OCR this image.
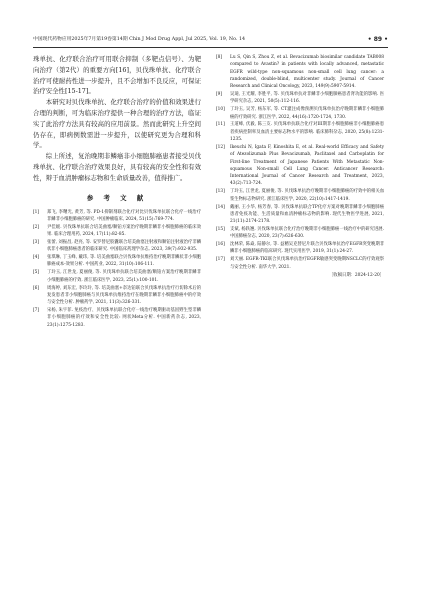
中国现代药物应用2025年7月第19卷第14期 Chin J Mod Drug Appl, Jul 2025, Vol. 19, No. 14	• 89 •

珠单抗、化疗联合治疗可用联合抑制（多靶点信号）、为靶向治疗（第2代）的重要方向[16]，贝伐珠单抗、化疗联合治疗可使耐药性进一步提升，且不会增加不良反应，可保证治疗安全性[15-17]。

本研究对贝伐珠单抗、化疗联合治疗的价值和效果进行合理的判断，可为临床治疗提供一种合理的治疗方法，临证实了此治疗方法具有较高的应用前景。然而此研究上升空间仍存在，即病例数需进一步提升，以使研究更为合理和科学。

综上所述，复治晚期非鳞癌非小细胞肺癌患者接受贝伐珠单抗、化疗联合治疗效果良好，具有较高的安全性和有效性，辩于血清肿瘤标志物和生命质量改善，值得推广。

参 考 文 献
[1]	郑飞, 李曙光, 黄芳, 等. PD-1抑制剂联合化疗对比贝伐珠单抗联合化疗一线治疗非鳞非小细胞肺癌的研究. 中国肿瘤临床, 2024, 51(15):769-774.
[2]	尹佳媛. 贝伐珠单抗联合培美曲塞/顺铂方案治疗晚期非鳞非小细胞肺癌的临床效果. 临床合理用药, 2024, 17(11):82-85.
[3]	张蕾, 刘振昌, 赵亮, 等. 安罗替尼胶囊联合培美曲塞注射液和顺铂注射液治疗非鳞状非小细胞肺癌患者的临床研究. 中国临床药理学杂志, 2023, 39(7):932-935.
[4]	张琪琳, 丁玉峰, 戴玮, 等. 培美曲塞联合贝伐珠单抗维持治疗晚期非鳞状非小细胞肺癌成本-效果分析. 中国药业, 2022, 31(10):106-111.
[5]	丁玲玉, 江世龙, 夏丽俊, 等. 贝伐珠单抗联合培美曲塞/顺铂方案治疗晚期非鳞非小细胞肺癌的疗效. 浙江临床医学, 2023, 25(1):100-101.
[6]	周海婷, 刘东宏, 李玲玲, 等. 培美曲塞+奈达铂联合贝伐珠单抗治疗行切除术后的复发患者非小细胞肺癌与贝伐珠单抗维持治疗在晚期非鳞非小细胞肺癌中的疗效与安全性分析. 肿瘤药学, 2021, 11(3):326-331.
[7]	宋杨, 朱宇菲. 免疫治疗、贝伐珠单抗联合化疗一线治疗晚期驱动基因野生型非鳞非小细胞肺癌的疗效和安全性比较: 网状Meta分析. 中国新药杂志, 2023, 23(1):1275-1283.
[8]	Lu S, Qin S, Zhou Z, et al. Bevacizumab biosimilar candidate TAB008 compared to Avastin? in patients with locally advanced, metastatic EGFR wild-type non-squamous non-small cell lung cancer: a randomized, double-blind, multicenter study. Journal of Cancer Research and Clinical Oncology, 2023, 149(9):5907-5914.
[9]	吴迪, 王光耀, 李胜平, 等. 贝伐珠单抗对非鳞非小细胞肺癌患者肾功能的影响. 医学研究杂志, 2021, 50(5):112-116.
[10]	丁玲玉, 吴芳, 杨东军, 等. CT灌注成像预测贝伐珠单抗治疗晚期非鳞非小细胞肺癌的疗效研究. 浙江医学, 2022, 44(16):1720-1724, 1730.
[11]	王道峰, 伏毅, 陈三友. 贝伐珠单抗联合化疗对III期非小细胞肺癌非小细胞肺癌患者疾病控制率及血清主要标志物水平的影响. 临床肺科杂志, 2020, 25(8):1231-1235.
[12]	Ikeuchi N, Igata F, Kinoshita E, et al. Real-world Efficacy and Safety of Atezolizumab Plus Bevacizumab, Paclitaxel and Carboplatin for First-line Treatment of Japanese Patients With Metastatic Non-squamous Non-small Cell Lung Cancer. Anticancer Research: International Journal of Cancer Research and Treatment, 2023, 43(2):713-724.
[13]	丁玲玉, 江世龙, 夏丽俊, 等. 贝伐珠单抗治疗晚期非小细胞肺癌的疗效中的相关血浆生物标志物研究. 浙江临床医学, 2020, 22(10):1417-1419.
[14]	戴丽, 王小华, 杨芳春, 等. 贝伐珠单抗联合TP化疗方案对晚期非鳞非小细胞肺癌患者免疫功能、生活质量和血清肿瘤标志物的影响. 现代生物医学进展, 2021, 21(11):2174-2178.
[15]	支斌, 杨轶翘. 贝伐珠单抗联合化疗治疗晚期非小细胞肺癌一线治疗中的研究进展. 中国肺癌杂志, 2020, 23(7):626-630.
[16]	沈林荣, 陈焱, 陆静尔, 等. 益精吴克替尼片联合贝伐珠单抗治疗EGFR突变晚期非鳞非小细胞肺癌的临床研究. 现代实用医学, 2019, 31(1):24-27.
[17]	刘天丽. EGFR-TKI联合贝伐珠单抗治疗EGFR敏感突变晚期NSCLC的疗效观察与安全性分析. 南华大学, 2021.
［收稿日期：2024-12-20］
